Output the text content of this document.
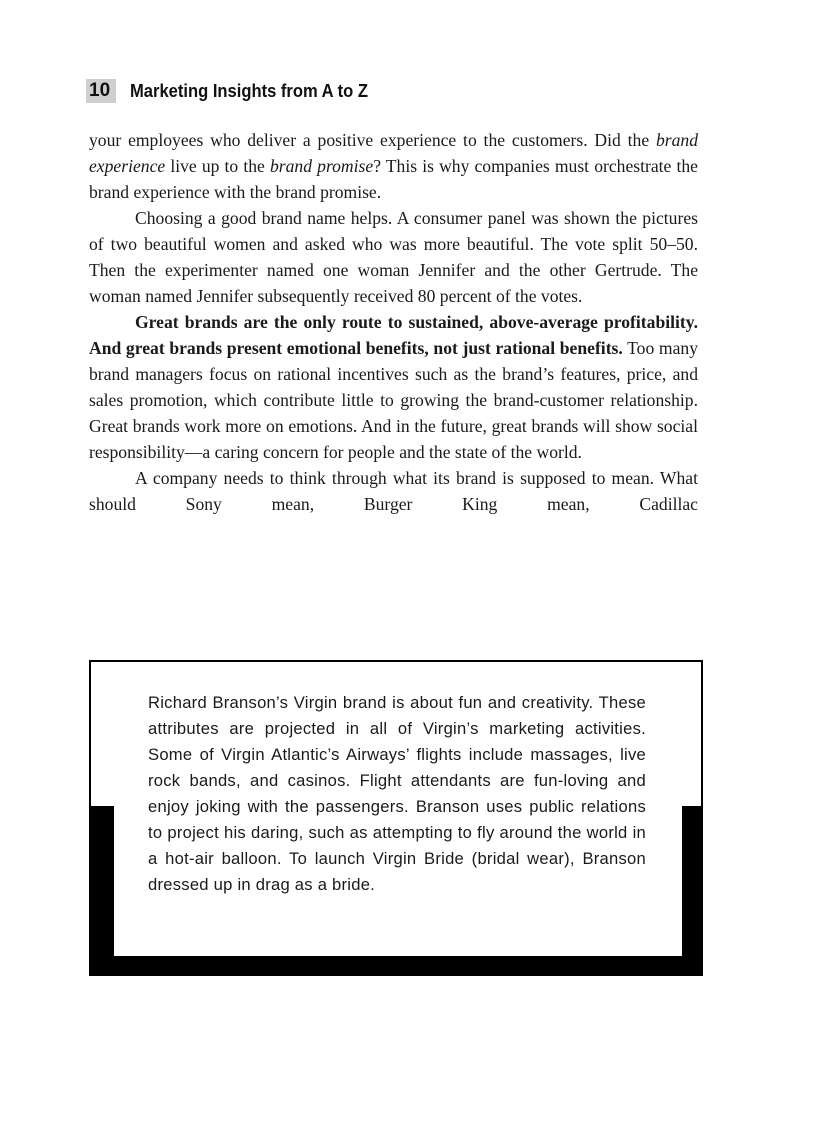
10	Marketing Insights from A to Z

your employees who deliver a positive experience to the customers. Did the brand experience live up to the brand promise? This is why companies must orchestrate the brand experience with the brand promise.

Choosing a good brand name helps. A consumer panel was shown the pictures of two beautiful women and asked who was more beautiful. The vote split 50–50. Then the experimenter named one woman Jennifer and the other Gertrude. The woman named Jennifer subsequently received 80 percent of the votes.

Great brands are the only route to sustained, above-average profitability. And great brands present emotional benefits, not just rational benefits. Too many brand managers focus on rational incentives such as the brand’s features, price, and sales promotion, which contribute little to growing the brand-customer relationship. Great brands work more on emotions. And in the future, great brands will show social responsibility—a caring concern for people and the state of the world.

A company needs to think through what its brand is supposed to mean. What should Sony mean, Burger King mean, Cadillac

Richard Branson’s Virgin brand is about fun and creativity. These attributes are projected in all of Virgin’s marketing activities. Some of Virgin Atlantic’s Airways’ flights include massages, live rock bands, and casinos. Flight attendants are fun-loving and enjoy joking with the passengers. Branson uses public relations to project his daring, such as attempting to fly around the world in a hot-air balloon. To launch Virgin Bride (bridal wear), Branson dressed up in drag as a bride.
